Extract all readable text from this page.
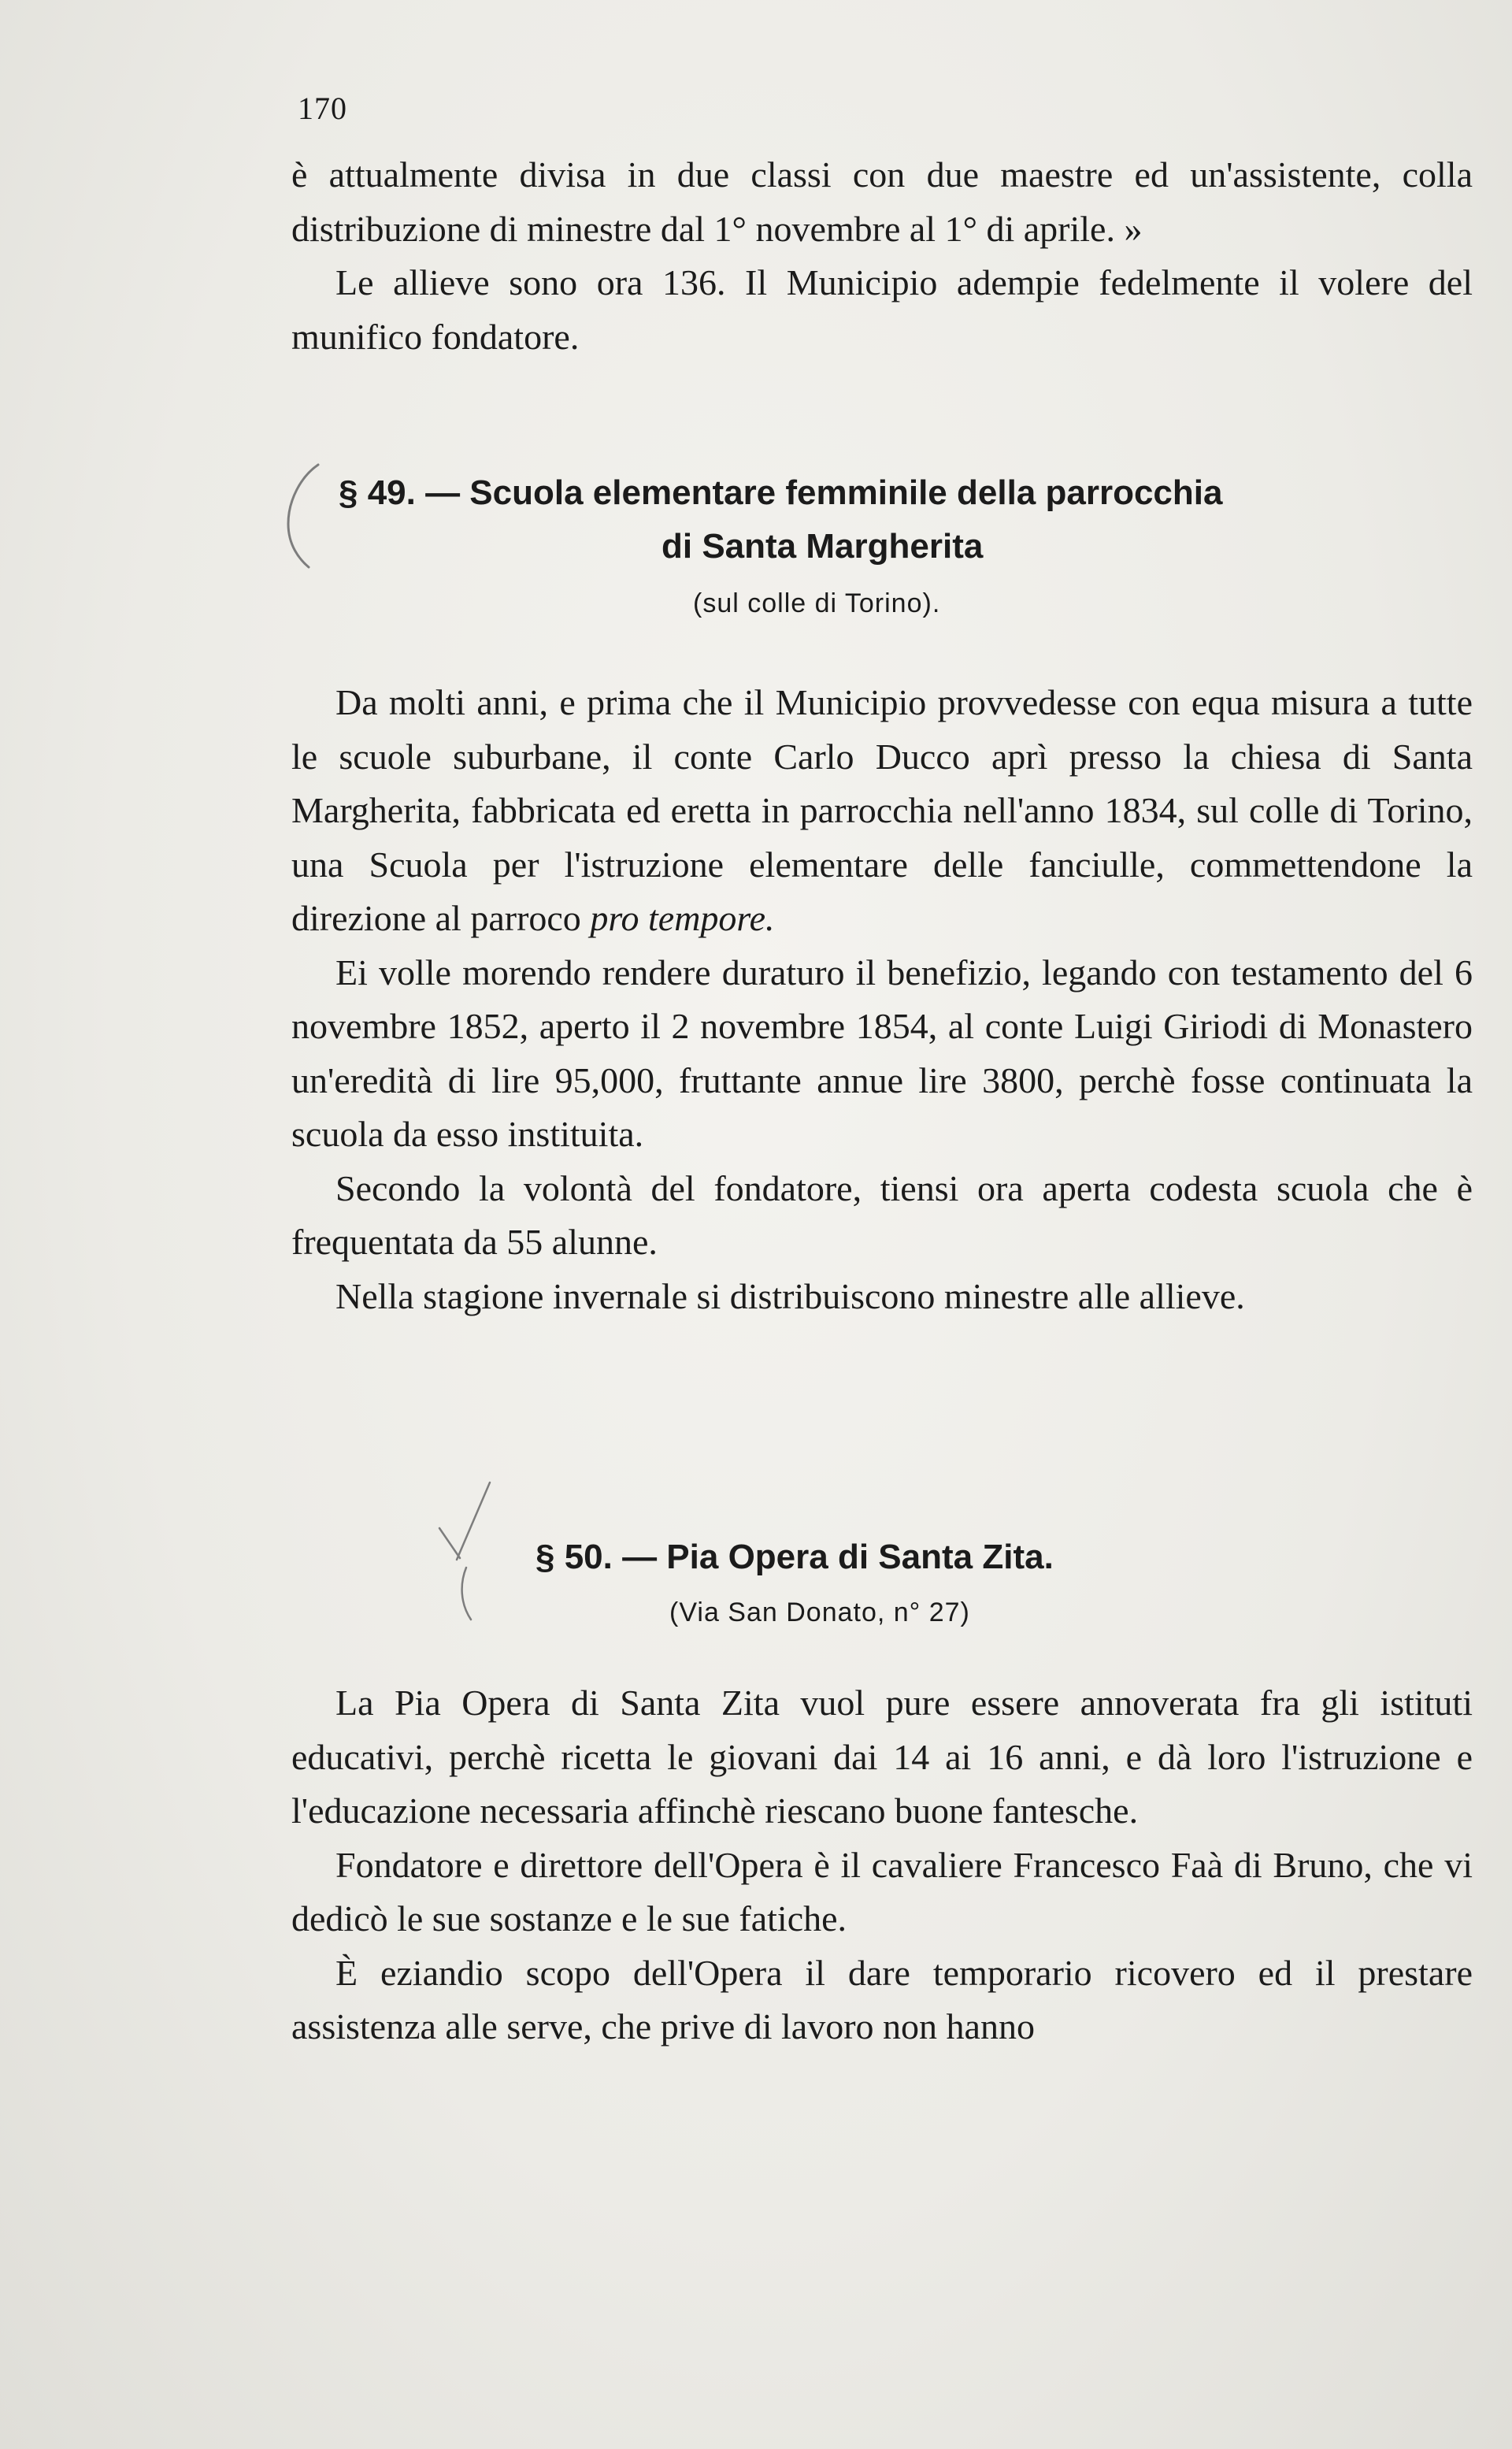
170

è attualmente divisa in due classi con due maestre ed un'assistente, colla distribuzione di minestre dal 1° novembre al 1° di aprile. »

Le allieve sono ora 136. Il Municipio adempie fedelmente il volere del munifico fondatore.

§ 49. — Scuola elementare femminile della parrocchia
di Santa Margherita
(sul colle di Torino).

Da molti anni, e prima che il Municipio provvedesse con equa misura a tutte le scuole suburbane, il conte Carlo Ducco aprì presso la chiesa di Santa Margherita, fabbricata ed eretta in parrocchia nell'anno 1834, sul colle di Torino, una Scuola per l'istruzione elementare delle fanciulle, commettendone la direzione al parroco pro tempore.

Ei volle morendo rendere duraturo il benefizio, legando con testamento del 6 novembre 1852, aperto il 2 novembre 1854, al conte Luigi Giriodi di Monastero un'eredità di lire 95,000, fruttante annue lire 3800, perchè fosse continuata la scuola da esso instituita.

Secondo la volontà del fondatore, tiensi ora aperta codesta scuola che è frequentata da 55 alunne.

Nella stagione invernale si distribuiscono minestre alle allieve.

§ 50. — Pia Opera di Santa Zita.
(Via San Donato, n° 27)

La Pia Opera di Santa Zita vuol pure essere annoverata fra gli istituti educativi, perchè ricetta le giovani dai 14 ai 16 anni, e dà loro l'istruzione e l'educazione necessaria affinchè riescano buone fantesche.

Fondatore e direttore dell'Opera è il cavaliere Francesco Faà di Bruno, che vi dedicò le sue sostanze e le sue fatiche.

È eziandio scopo dell'Opera il dare temporario ricovero ed il prestare assistenza alle serve, che prive di lavoro non hanno
